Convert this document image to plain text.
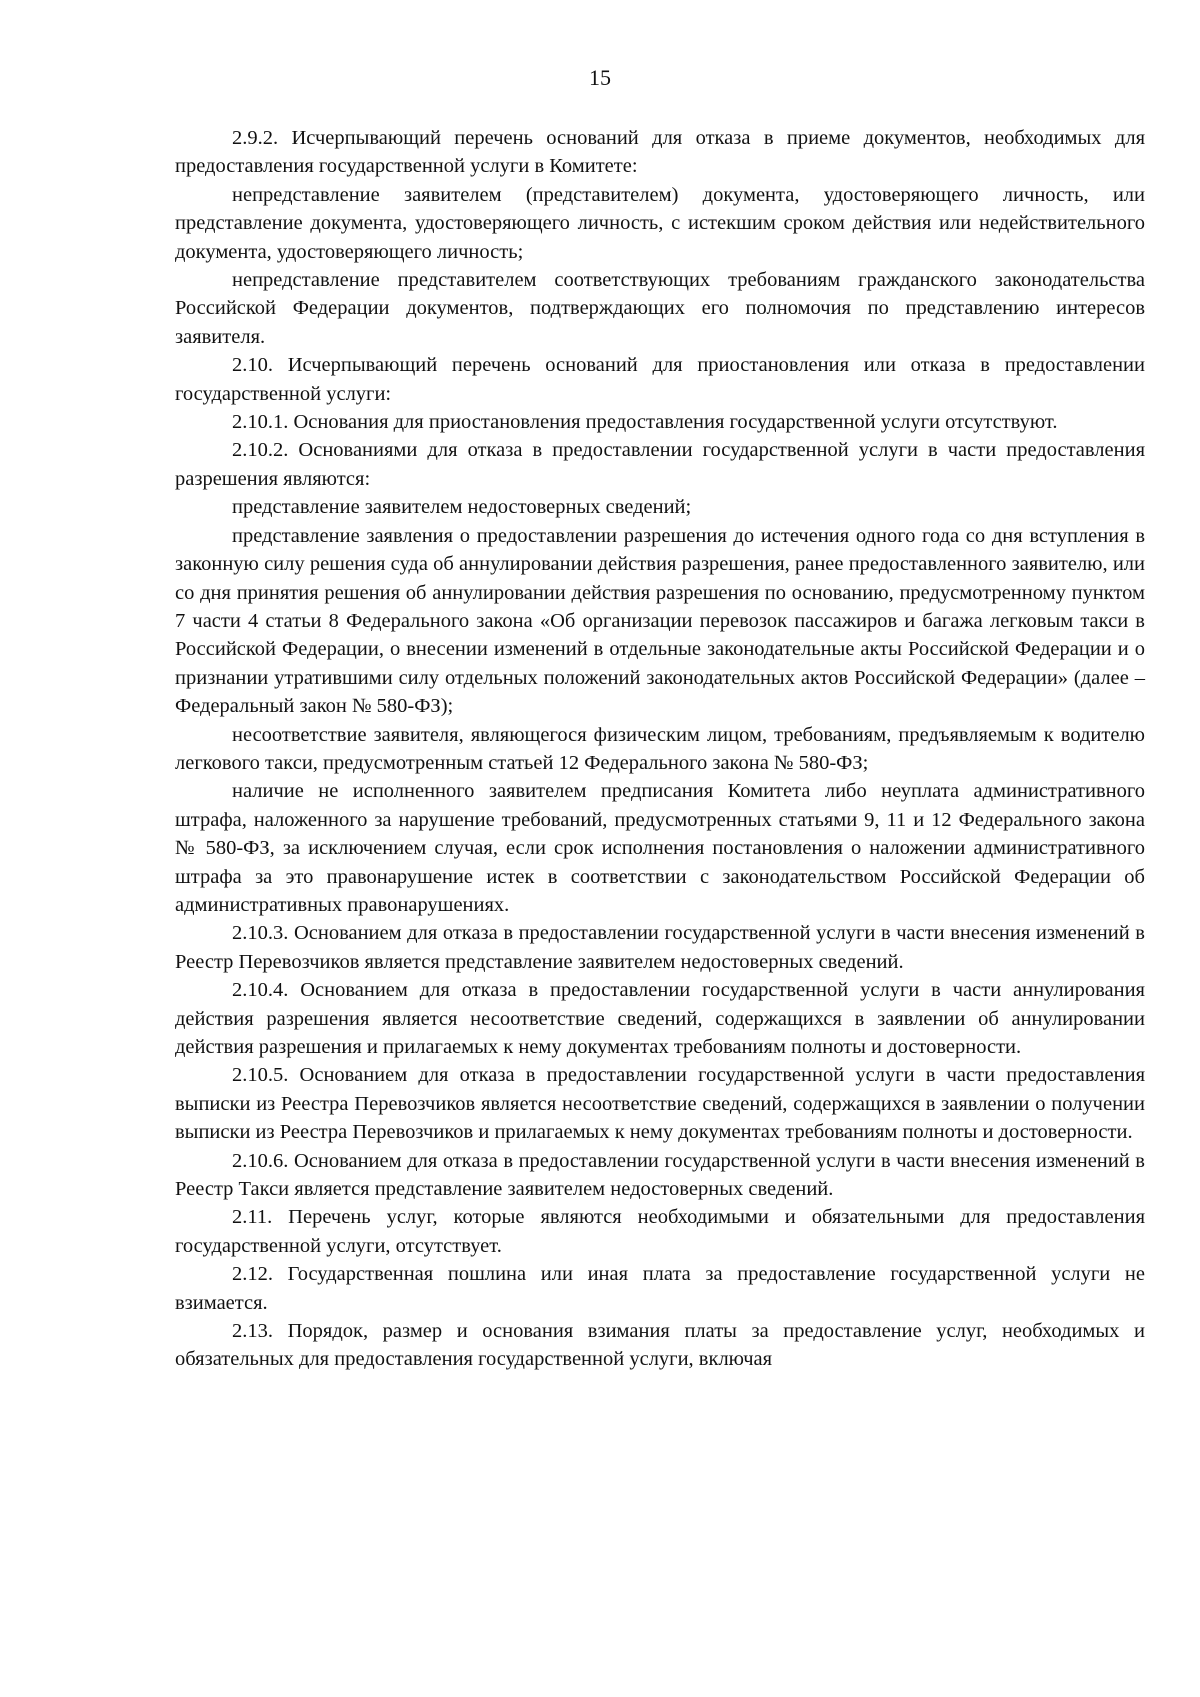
15

2.9.2. Исчерпывающий перечень оснований для отказа в приеме документов, необходимых для предоставления государственной услуги в Комитете:

непредставление заявителем (представителем) документа, удостоверяющего личность, или представление документа, удостоверяющего личность, с истекшим сроком действия или недействительного документа, удостоверяющего личность;

непредставление представителем соответствующих требованиям гражданского законодательства Российской Федерации документов, подтверждающих его полномочия по представлению интересов заявителя.

2.10. Исчерпывающий перечень оснований для приостановления или отказа в предоставлении государственной услуги:

2.10.1. Основания для приостановления предоставления государственной услуги отсутствуют.

2.10.2. Основаниями для отказа в предоставлении государственной услуги в части предоставления разрешения являются:

представление заявителем недостоверных сведений;

представление заявления о предоставлении разрешения до истечения одного года со дня вступления в законную силу решения суда об аннулировании действия разрешения, ранее предоставленного заявителю, или со дня принятия решения об аннулировании действия разрешения по основанию, предусмотренному пунктом 7 части 4 статьи 8 Федерального закона «Об организации перевозок пассажиров и багажа легковым такси в Российской Федерации, о внесении изменений в отдельные законодательные акты Российской Федерации и о признании утратившими силу отдельных положений законодательных актов Российской Федерации» (далее – Федеральный закон № 580-ФЗ);

несоответствие заявителя, являющегося физическим лицом, требованиям, предъявляемым к водителю легкового такси, предусмотренным статьей 12 Федерального закона № 580-ФЗ;

наличие не исполненного заявителем предписания Комитета либо неуплата административного штрафа, наложенного за нарушение требований, предусмотренных статьями 9, 11 и 12 Федерального закона № 580-ФЗ, за исключением случая, если срок исполнения постановления о наложении административного штрафа за это правонарушение истек в соответствии с законодательством Российской Федерации об административных правонарушениях.

2.10.3. Основанием для отказа в предоставлении государственной услуги в части внесения изменений в Реестр Перевозчиков является представление заявителем недостоверных сведений.

2.10.4. Основанием для отказа в предоставлении государственной услуги в части аннулирования действия разрешения является несоответствие сведений, содержащихся в заявлении об аннулировании действия разрешения и прилагаемых к нему документах требованиям полноты и достоверности.

2.10.5. Основанием для отказа в предоставлении государственной услуги в части предоставления выписки из Реестра Перевозчиков является несоответствие сведений, содержащихся в заявлении о получении выписки из Реестра Перевозчиков и прилагаемых к нему документах требованиям полноты и достоверности.

2.10.6. Основанием для отказа в предоставлении государственной услуги в части внесения изменений в Реестр Такси является представление заявителем недостоверных сведений.

2.11. Перечень услуг, которые являются необходимыми и обязательными для предоставления государственной услуги, отсутствует.

2.12. Государственная пошлина или иная плата за предоставление государственной услуги не взимается.

2.13. Порядок, размер и основания взимания платы за предоставление услуг, необходимых и обязательных для предоставления государственной услуги, включая
